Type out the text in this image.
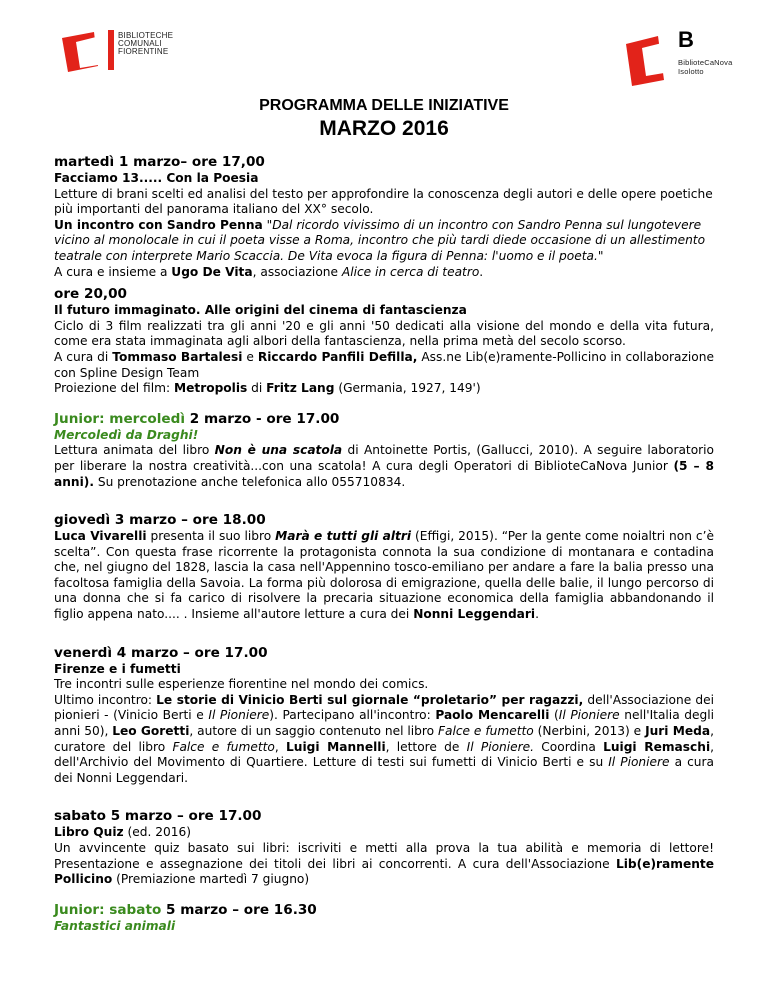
BIBLIOTECHE
COMUNALI
FIORENTINE	B
BiblioteCaNova
Isolotto
PROGRAMMA DELLE INIZIATIVE
MARZO 2016
martedì 1 marzo– ore 17,00
Facciamo 13..... Con la Poesia

Letture di brani scelti ed analisi del testo per approfondire la conoscenza degli autori e delle opere poetiche più importanti del panorama italiano del XX° secolo.

Un incontro con Sandro Penna "Dal ricordo vivissimo di un incontro con Sandro Penna sul lungotevere vicino al monolocale in cui il poeta visse a Roma, incontro che più tardi diede occasione di un allestimento teatrale con interprete Mario Scaccia. De Vita evoca la figura di Penna: l'uomo e il poeta."

A cura e insieme a Ugo De Vita, associazione Alice in cerca di teatro.

ore 20,00
Il futuro immaginato. Alle origini del cinema di fantascienza

Ciclo di 3 film realizzati tra gli anni '20 e gli anni '50 dedicati alla visione del mondo e della vita futura, come era stata immaginata agli albori della fantascienza, nella prima metà del secolo scorso.

A cura di Tommaso Bartalesi e Riccardo Panfili Defilla, Ass.ne Lib(e)ramente-Pollicino in collaborazione con Spline Design Team

Proiezione del film: Metropolis di Fritz Lang (Germania, 1927, 149')

Junior: mercoledì 2 marzo - ore 17.00
Mercoledì da Draghi!

Lettura animata del libro Non è una scatola di Antoinette Portis, (Gallucci, 2010). A seguire laboratorio per liberare la nostra creatività...con una scatola! A cura degli Operatori di BiblioteCaNova Junior (5 – 8 anni). Su prenotazione anche telefonica allo 055710834.

giovedì 3 marzo – ore 18.00

Luca Vivarelli presenta il suo libro Marà e tutti gli altri (Effigi, 2015). “Per la gente come noialtri non c’è scelta”. Con questa frase ricorrente la protagonista connota la sua condizione di montanara e contadina che, nel giugno del 1828, lascia la casa nell'Appennino tosco-emiliano per andare a fare la balia presso una facoltosa famiglia della Savoia. La forma più dolorosa di emigrazione, quella delle balie, il lungo percorso di una donna che si fa carico di risolvere la precaria situazione economica della famiglia abbandonando il figlio appena nato.... . Insieme all'autore letture a cura dei Nonni Leggendari.

venerdì 4 marzo – ore 17.00
Firenze e i fumetti

Tre incontri sulle esperienze fiorentine nel mondo dei comics.

Ultimo incontro: Le storie di Vinicio Berti sul giornale “proletario” per ragazzi, dell'Associazione dei pionieri - (Vinicio Berti e Il Pioniere). Partecipano all'incontro: Paolo Mencarelli (Il Pioniere nell'Italia degli anni 50), Leo Goretti, autore di un saggio contenuto nel libro Falce e fumetto (Nerbini, 2013) e Juri Meda, curatore del libro Falce e fumetto, Luigi Mannelli, lettore de Il Pioniere. Coordina Luigi Remaschi, dell'Archivio del Movimento di Quartiere. Letture di testi sui fumetti di Vinicio Berti e su Il Pioniere a cura dei Nonni Leggendari.

sabato 5 marzo – ore 17.00
Libro Quiz (ed. 2016)

Un avvincente quiz basato sui libri: iscriviti e metti alla prova la tua abilità e memoria di lettore! Presentazione e assegnazione dei titoli dei libri ai concorrenti. A cura dell'Associazione Lib(e)ramente Pollicino (Premiazione martedì 7 giugno)

Junior: sabato 5 marzo – ore 16.30
Fantastici animali
